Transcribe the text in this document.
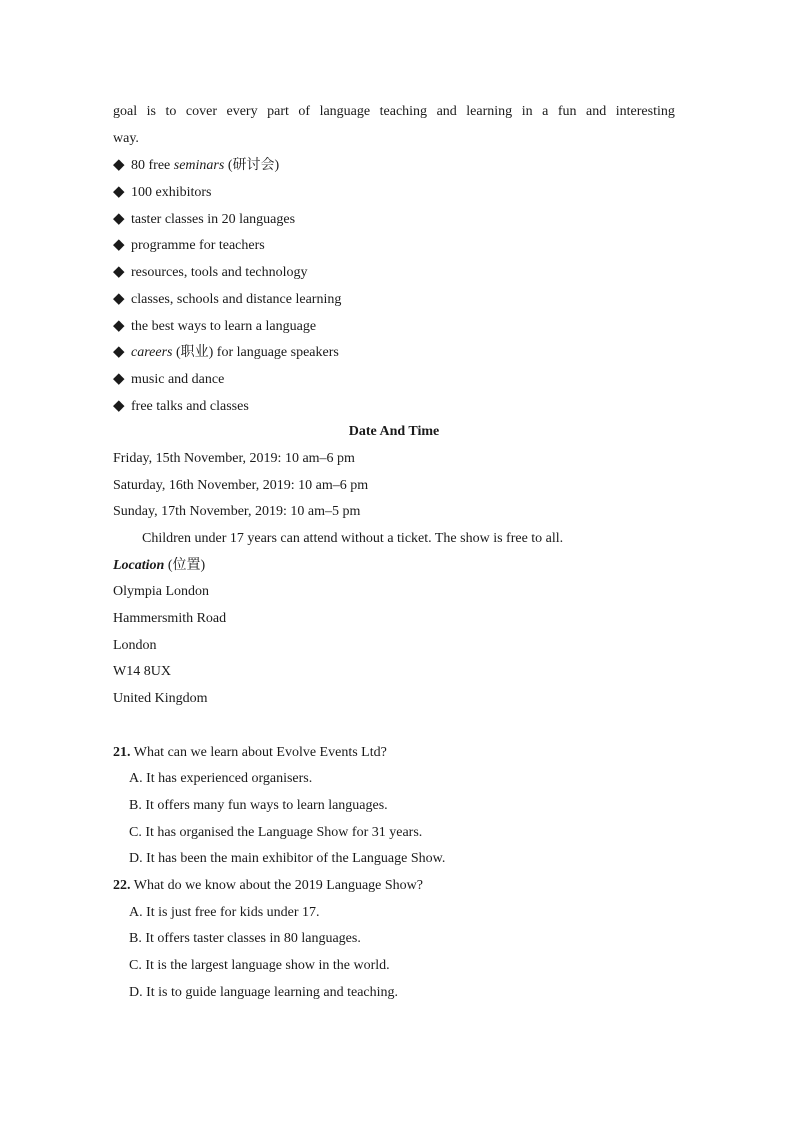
goal is to cover every part of language teaching and learning in a fun and interesting
way.
◆ 80 free seminars (研讨会)
◆ 100 exhibitors
◆ taster classes in 20 languages
◆ programme for teachers
◆ resources, tools and technology
◆ classes, schools and distance learning
◆ the best ways to learn a language
◆ careers (职业) for language speakers
◆ music and dance
◆ free talks and classes
Date And Time
Friday, 15th November, 2019: 10 am–6 pm
Saturday, 16th November, 2019: 10 am–6 pm
Sunday, 17th November, 2019: 10 am–5 pm
Children under 17 years can attend without a ticket. The show is free to all.
Location (位置)
Olympia London
Hammersmith Road
London
W14 8UX
United Kingdom
21. What can we learn about Evolve Events Ltd?
A. It has experienced organisers.
B. It offers many fun ways to learn languages.
C. It has organised the Language Show for 31 years.
D. It has been the main exhibitor of the Language Show.
22. What do we know about the 2019 Language Show?
A. It is just free for kids under 17.
B. It offers taster classes in 80 languages.
C. It is the largest language show in the world.
D. It is to guide language learning and teaching.
